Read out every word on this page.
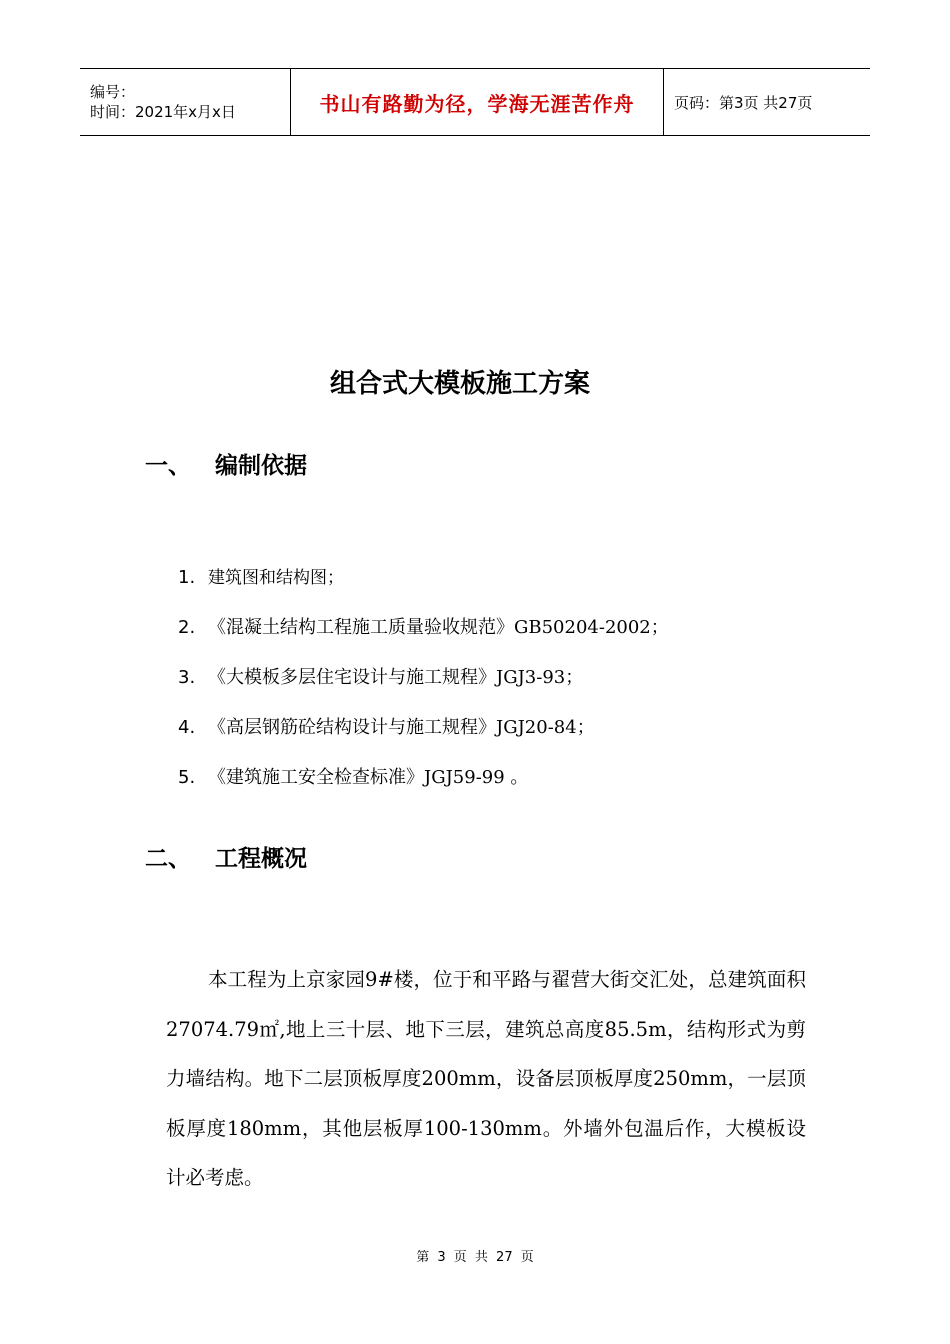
编号：
时间：2021年x月x日	书山有路勤为径，学海无涯苦作舟	页码：第3页 共27页
组合式大模板施工方案
一、 编制依据
1. 建筑图和结构图；
2. 《混凝土结构工程施工质量验收规范》GB50204-2002；
3. 《大模板多层住宅设计与施工规程》JGJ3-93；
4. 《高层钢筋砼结构设计与施工规程》JGJ20-84；
5. 《建筑施工安全检查标准》JGJ59-99 。
二、 工程概况

本工程为上京家园9#楼，位于和平路与翟营大街交汇处，总建筑面积27074.79㎡,地上三十层、地下三层，建筑总高度85.5m，结构形式为剪力墙结构。地下二层顶板厚度200mm，设备层顶板厚度250mm，一层顶板厚度180mm，其他层板厚100-130mm。外墙外包温后作，大模板设计必考虑。

第 3 页 共 27 页
